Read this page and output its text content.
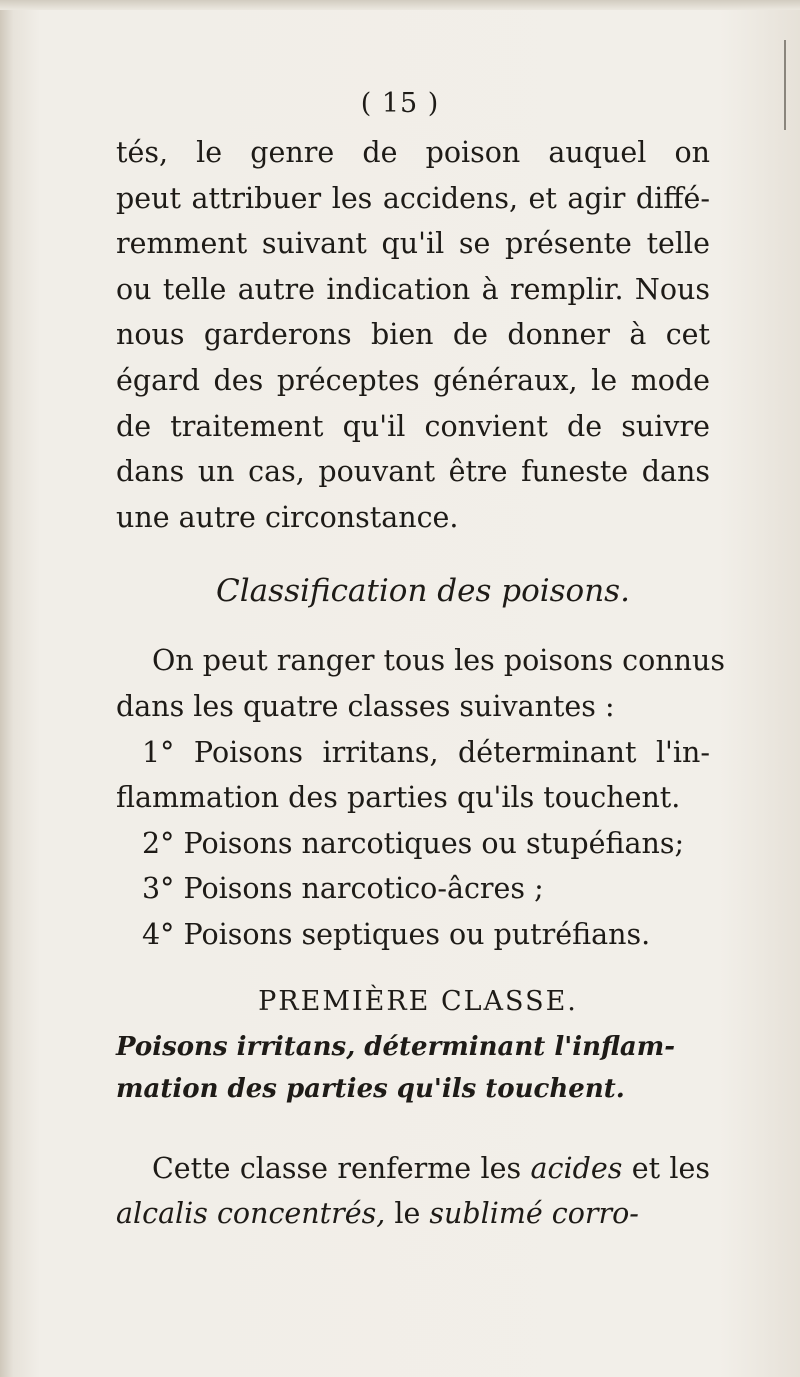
( 15 )
tés, le genre de poison auquel on
peut attribuer les accidens, et agir diffé-
remment suivant qu'il se présente telle
ou telle autre indication à remplir. Nous
nous garderons bien de donner à cet
égard des préceptes généraux, le mode
de traitement qu'il convient de suivre
dans un cas, pouvant être funeste dans
une autre circonstance.
Classification des poisons.
On peut ranger tous les poisons connus
dans les quatre classes suivantes :
1° Poisons irritans, déterminant l'in-
flammation des parties qu'ils touchent.
2° Poisons narcotiques ou stupéfians;
3° Poisons narcotico-âcres ;
4° Poisons septiques ou putréfians.
PREMIÈRE CLASSE.
Poisons irritans, déterminant l'inflam-
mation des parties qu'ils touchent.
Cette classe renferme les acides et les
alcalis concentrés, le sublimé corro-
